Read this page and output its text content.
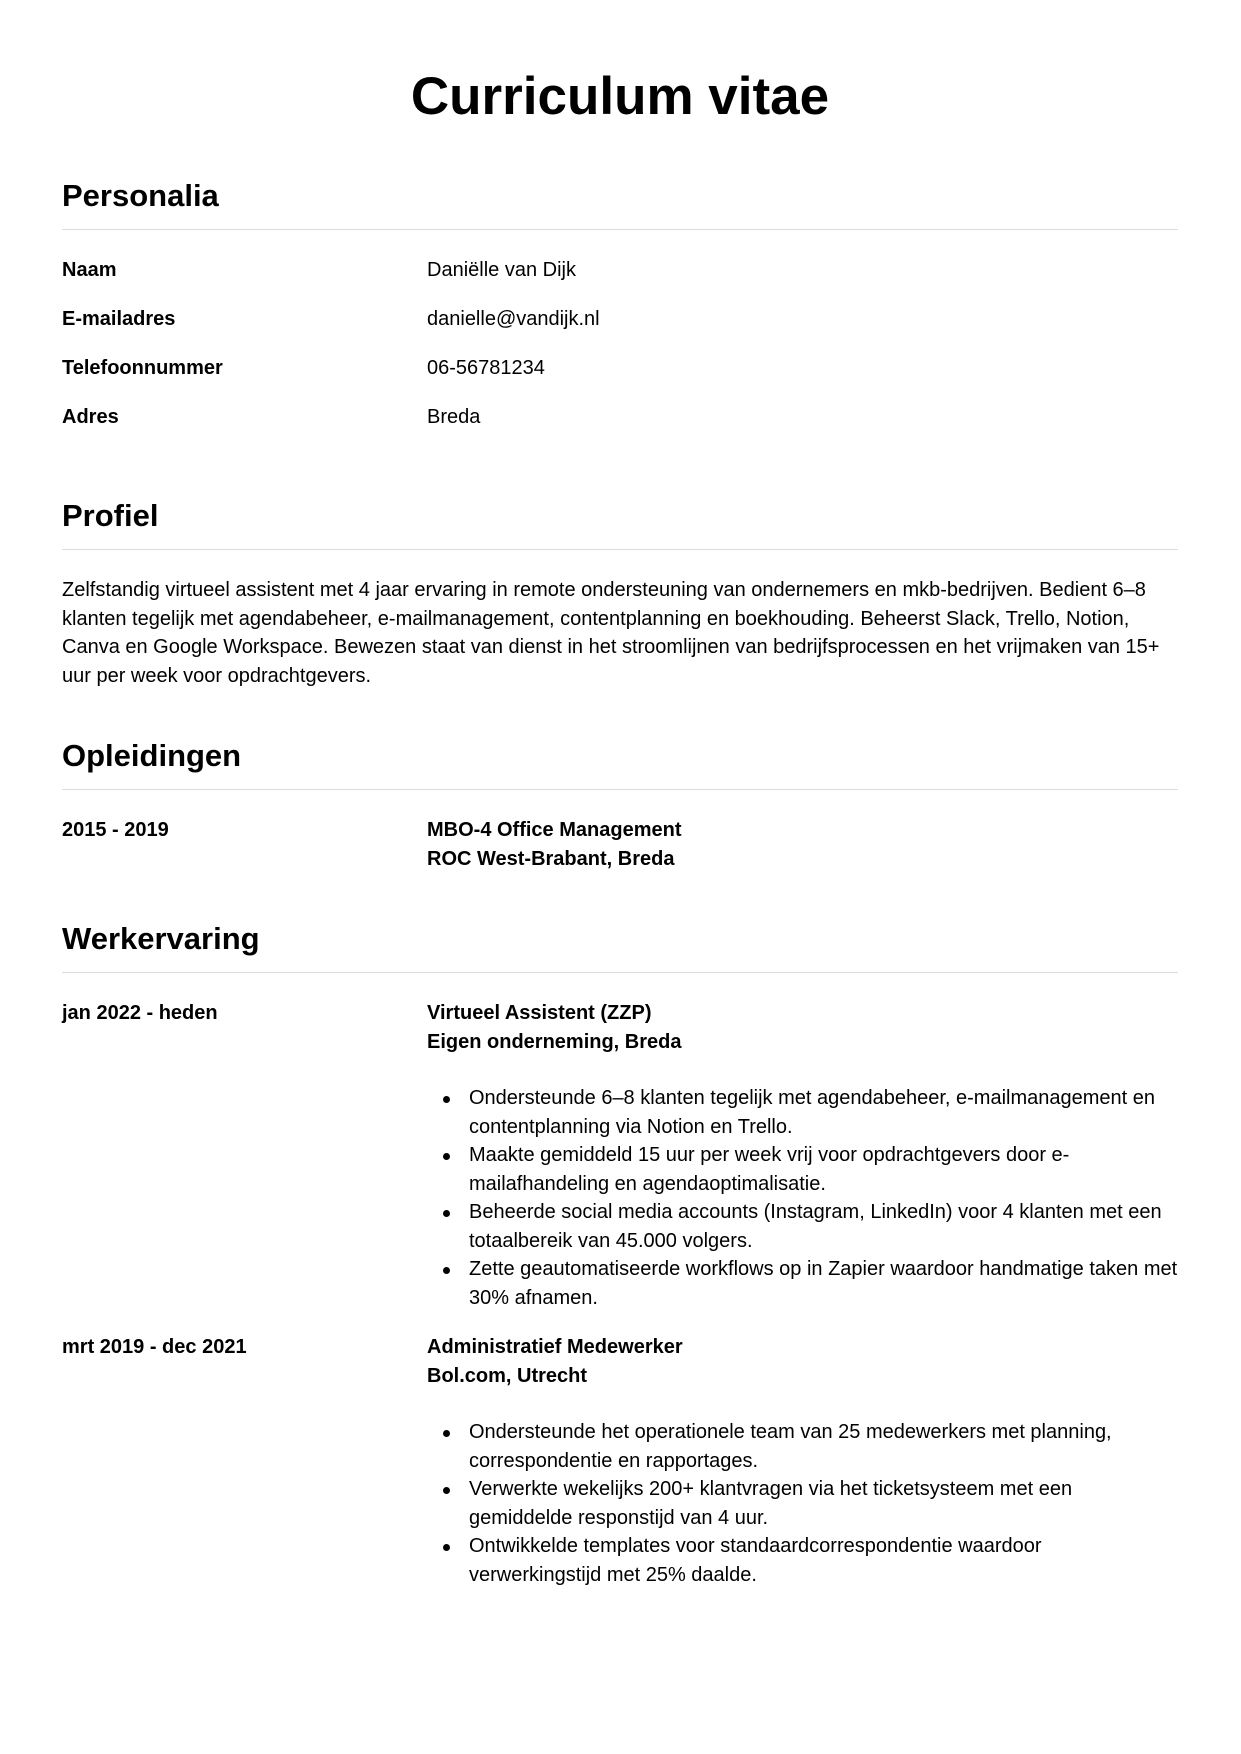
Curriculum vitae
Personalia
Naam	Daniëlle van Dijk
E-mailadres	danielle@vandijk.nl
Telefoonnummer	06-56781234
Adres	Breda
Profiel

Zelfstandig virtueel assistent met 4 jaar ervaring in remote ondersteuning van ondernemers en mkb-bedrijven. Bedient 6–8 klanten tegelijk met agendabeheer, e-mailmanagement, contentplanning en boekhouding. Beheerst Slack, Trello, Notion, Canva en Google Workspace. Bewezen staat van dienst in het stroomlijnen van bedrijfsprocessen en het vrijmaken van 15+ uur per week voor opdrachtgevers.

Opleidingen
2015 - 2019	MBO-4 Office Management
ROC West-Brabant, Breda
Werkervaring
jan 2022 - heden	Virtueel Assistent (ZZP)
Eigen onderneming, Breda
Ondersteunde 6–8 klanten tegelijk met agendabeheer, e-mailmanagement en contentplanning via Notion en Trello.
Maakte gemiddeld 15 uur per week vrij voor opdrachtgevers door e-mailafhandeling en agendaoptimalisatie.
Beheerde social media accounts (Instagram, LinkedIn) voor 4 klanten met een totaalbereik van 45.000 volgers.
Zette geautomatiseerde workflows op in Zapier waardoor handmatige taken met 30% afnamen.
mrt 2019 - dec 2021	Administratief Medewerker
Bol.com, Utrecht
Ondersteunde het operationele team van 25 medewerkers met planning, correspondentie en rapportages.
Verwerkte wekelijks 200+ klantvragen via het ticketsysteem met een gemiddelde responstijd van 4 uur.
Ontwikkelde templates voor standaardcorrespondentie waardoor verwerkingstijd met 25% daalde.
